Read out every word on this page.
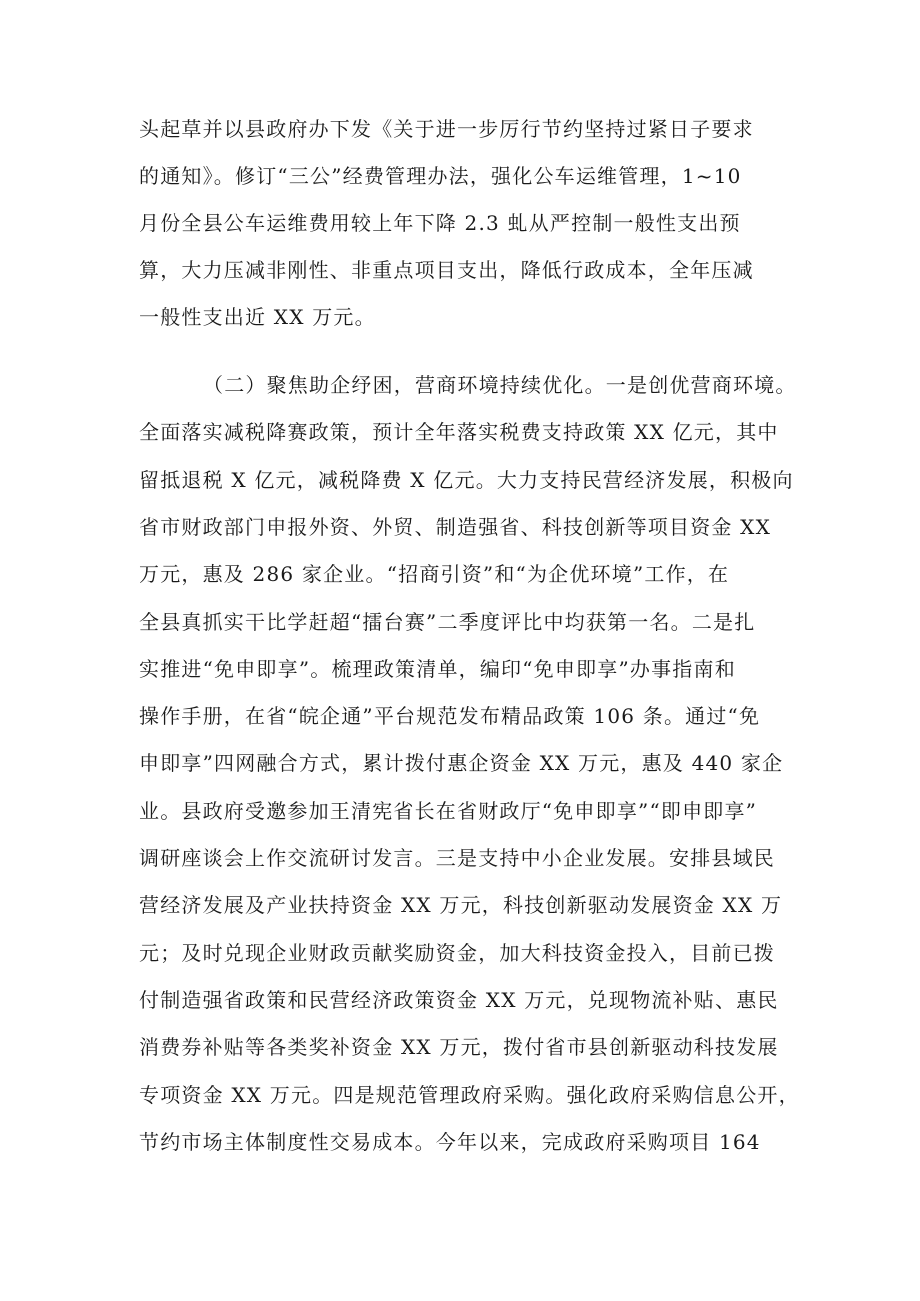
头起草并以县政府办下发《关于进一步厉行节约坚持过紧日子要求
的通知》。修订“三公”经费管理办法，强化公车运维管理，1~10
月份全县公车运维费用较上年下降 2.3 虬从严控制一般性支出预
算，大力压减非刚性、非重点项目支出，降低行政成本，全年压减
一般性支出近 XX 万元。
（二）聚焦助企纾困，营商环境持续优化。一是创优营商环境。
全面落实减税降赛政策，预计全年落实税费支持政策 XX 亿元，其中
留抵退税 X 亿元，减税降费 X 亿元。大力支持民营经济发展，积极向
省市财政部门申报外资、外贸、制造强省、科技创新等项目资金 XX
万元，惠及 286 家企业。“招商引资”和“为企优环境”工作，在
全县真抓实干比学赶超“擂台赛”二季度评比中均获第一名。二是扎
实推进“免申即享”。梳理政策清单，编印“免申即享”办事指南和
操作手册，在省“皖企通”平台规范发布精品政策 106 条。通过“免
申即享”四网融合方式，累计拨付惠企资金 XX 万元，惠及 440 家企
业。县政府受邀参加王清宪省长在省财政厅“免申即享”“即申即享”
调研座谈会上作交流研讨发言。三是支持中小企业发展。安排县域民
营经济发展及产业扶持资金 XX 万元，科技创新驱动发展资金 XX 万
元；及时兑现企业财政贡献奖励资金，加大科技资金投入，目前已拨
付制造强省政策和民营经济政策资金 XX 万元，兑现物流补贴、惠民
消费券补贴等各类奖补资金 XX 万元，拨付省市县创新驱动科技发展
专项资金 XX 万元。四是规范管理政府采购。强化政府采购信息公开，
节约市场主体制度性交易成本。今年以来，完成政府采购项目 164
